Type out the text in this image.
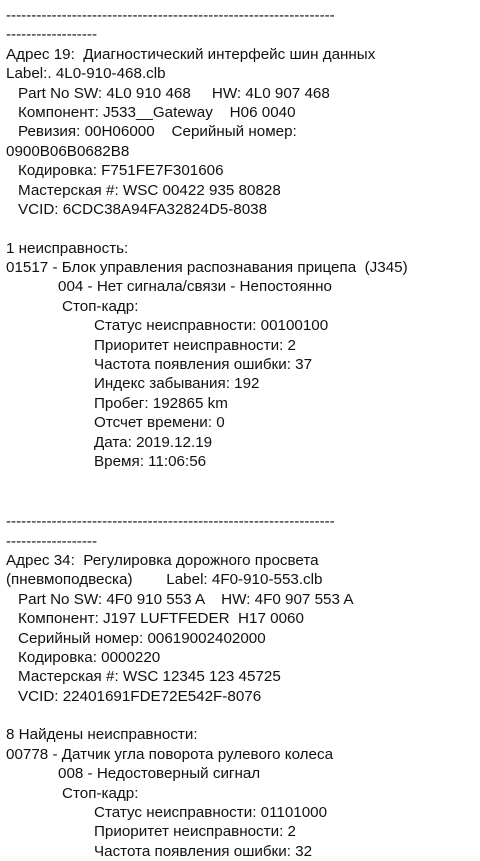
-----------------------------------------------------------------
------------------
Адрес 19:  Диагностический интерфейс шин данных
Label:. 4L0-910-468.clb
Part No SW: 4L0 910 468     HW: 4L0 907 468
Компонент: J533__Gateway    H06 0040
Ревизия: 00H06000    Серийный номер:
0900B06B0682B8
Кодировка: F751FE7F301606
Мастерская #: WSC 00422 935 80828
VCID: 6CDC38A94FA32824D5-8038
1 неисправность:
01517 - Блок управления распознавания прицепа  (J345)
004 - Нет сигнала/связи - Непостоянно
Стоп-кадр:
Статус неисправности: 00100100
Приоритет неисправности: 2
Частота появления ошибки: 37
Индекс забывания: 192
Пробег: 192865 km
Отсчет времени: 0
Дата: 2019.12.19
Время: 11:06:56
-----------------------------------------------------------------
------------------
Адрес 34:  Регулировка дорожного просвета
(пневмоподвеска)        Label: 4F0-910-553.clb
Part No SW: 4F0 910 553 A    HW: 4F0 907 553 A
Компонент: J197 LUFTFEDER  H17 0060
Серийный номер: 00619002402000
Кодировка: 0000220
Мастерская #: WSC 12345 123 45725
VCID: 22401691FDE72E542F-8076
8 Найдены неисправности:
00778 - Датчик угла поворота рулевого колеса
008 - Недостоверный сигнал
Стоп-кадр:
Статус неисправности: 01101000
Приоритет неисправности: 2
Частота появления ошибки: 32
